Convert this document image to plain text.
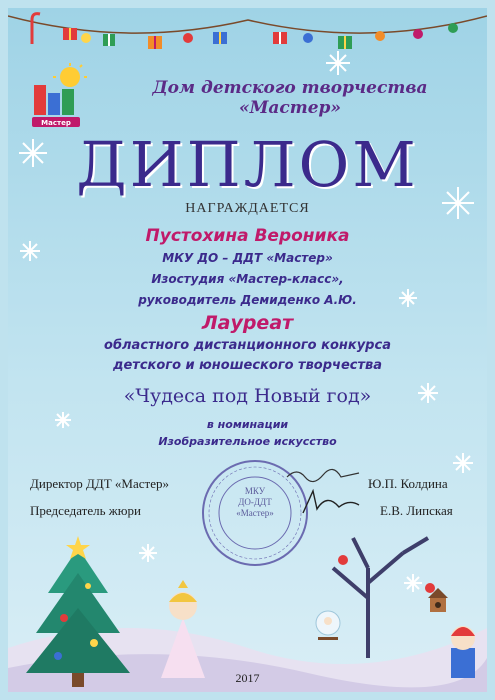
Мастер
Дом детского творчества «Мастер»
ДИПЛОМ
НАГРАЖДАЕТСЯ
Пустохина Вероника
МКУ ДО – ДДТ «Мастер»
Изостудия «Мастер-класс»,
руководитель Демиденко А.Ю.
Лауреат
областного дистанционного конкурса
детского и юношеского творчества
«Чудеса под Новый год»
в номинации
Изобразительное искусство
МКУ
ДО-ДДТ
«Мастер»
Директор ДДТ «Мастер»	Ю.П. Колдина
Председатель жюри	Е.В. Липская
2017
